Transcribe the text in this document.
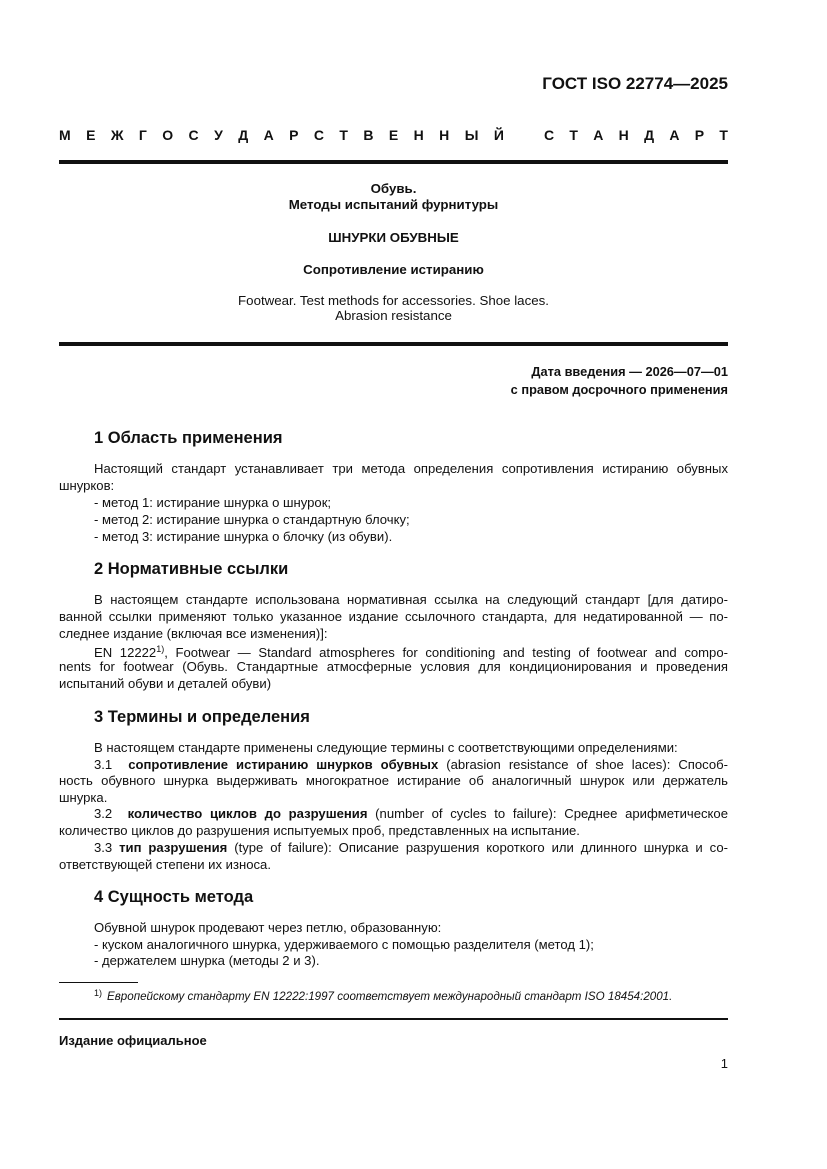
ГОСТ ISO 22774—2025
М Е Ж Г О С У Д А Р С Т В Е Н Н Ы Й	С Т А Н Д А Р Т
Обувь.
Методы испытаний фурнитуры
ШНУРКИ ОБУВНЫЕ
Сопротивление истиранию
Footwear. Test methods for accessories. Shoe laces.
Abrasion resistance
Дата введения — 2026—07—01
с правом досрочного применения
1 Область применения
Настоящий стандарт устанавливает три метода определения сопротивления истиранию обувных
шнурков:
- метод 1: истирание шнурка о шнурок;
- метод 2: истирание шнурка о стандартную блочку;
- метод 3: истирание шнурка о блочку (из обуви).
2 Нормативные ссылки
В настоящем стандарте использована нормативная ссылка на следующий стандарт [для датиро-
ванной ссылки применяют только указанное издание ссылочного стандарта, для недатированной — по-
следнее издание (включая все изменения)]:
EN 12222$^{1)}$, Footwear — Standard atmospheres for conditioning and testing of footwear and compo-
nents for footwear (Обувь. Стандартные атмосферные условия для кондиционирования и проведения
испытаний обуви и деталей обуви)
3 Термины и определения
В настоящем стандарте применены следующие термины с соответствующими определениями:
3.1 сопротивление истиранию шнурков обувных (abrasion resistance of shoe laces): Способ-
ность обувного шнурка выдерживать многократное истирание об аналогичный шнурок или держатель
шнурка.
3.2 количество циклов до разрушения (number of cycles to failure): Среднее арифметическое
количество циклов до разрушения испытуемых проб, представленных на испытание.
3.3 тип разрушения (type of failure): Описание разрушения короткого или длинного шнурка и со-
ответствующей степени их износа.
4 Сущность метода
Обувной шнурок продевают через петлю, образованную:
- куском аналогичного шнурка, удерживаемого с помощью разделителя (метод 1);
- держателем шнурка (методы 2 и 3).
$^{1)}$ Европейскому стандарту EN 12222:1997 соответствует международный стандарт ISO 18454:2001.
Издание официальное
1
